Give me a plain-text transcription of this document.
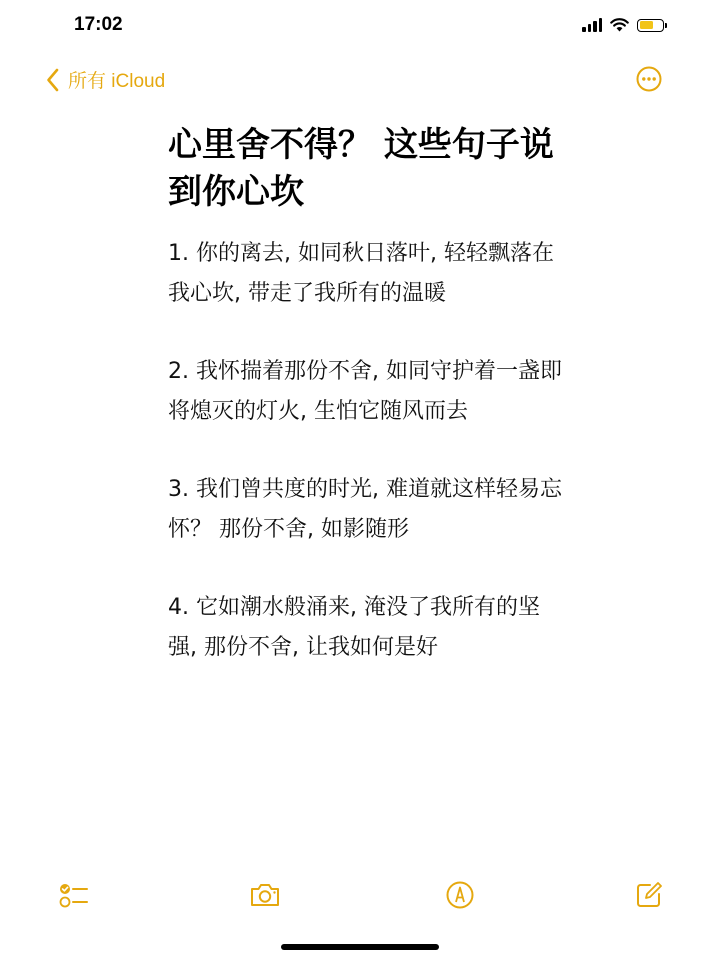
17:02
所有 iCloud
心里舍不得？ 这些句子说到你心坎

1. 你的离去, 如同秋日落叶, 轻轻飘落在我心坎, 带走了我所有的温暖

2. 我怀揣着那份不舍, 如同守护着一盏即将熄灭的灯火, 生怕它随风而去

3. 我们曾共度的时光, 难道就这样轻易忘怀？ 那份不舍, 如影随形

4. 它如潮水般涌来, 淹没了我所有的坚强, 那份不舍, 让我如何是好
